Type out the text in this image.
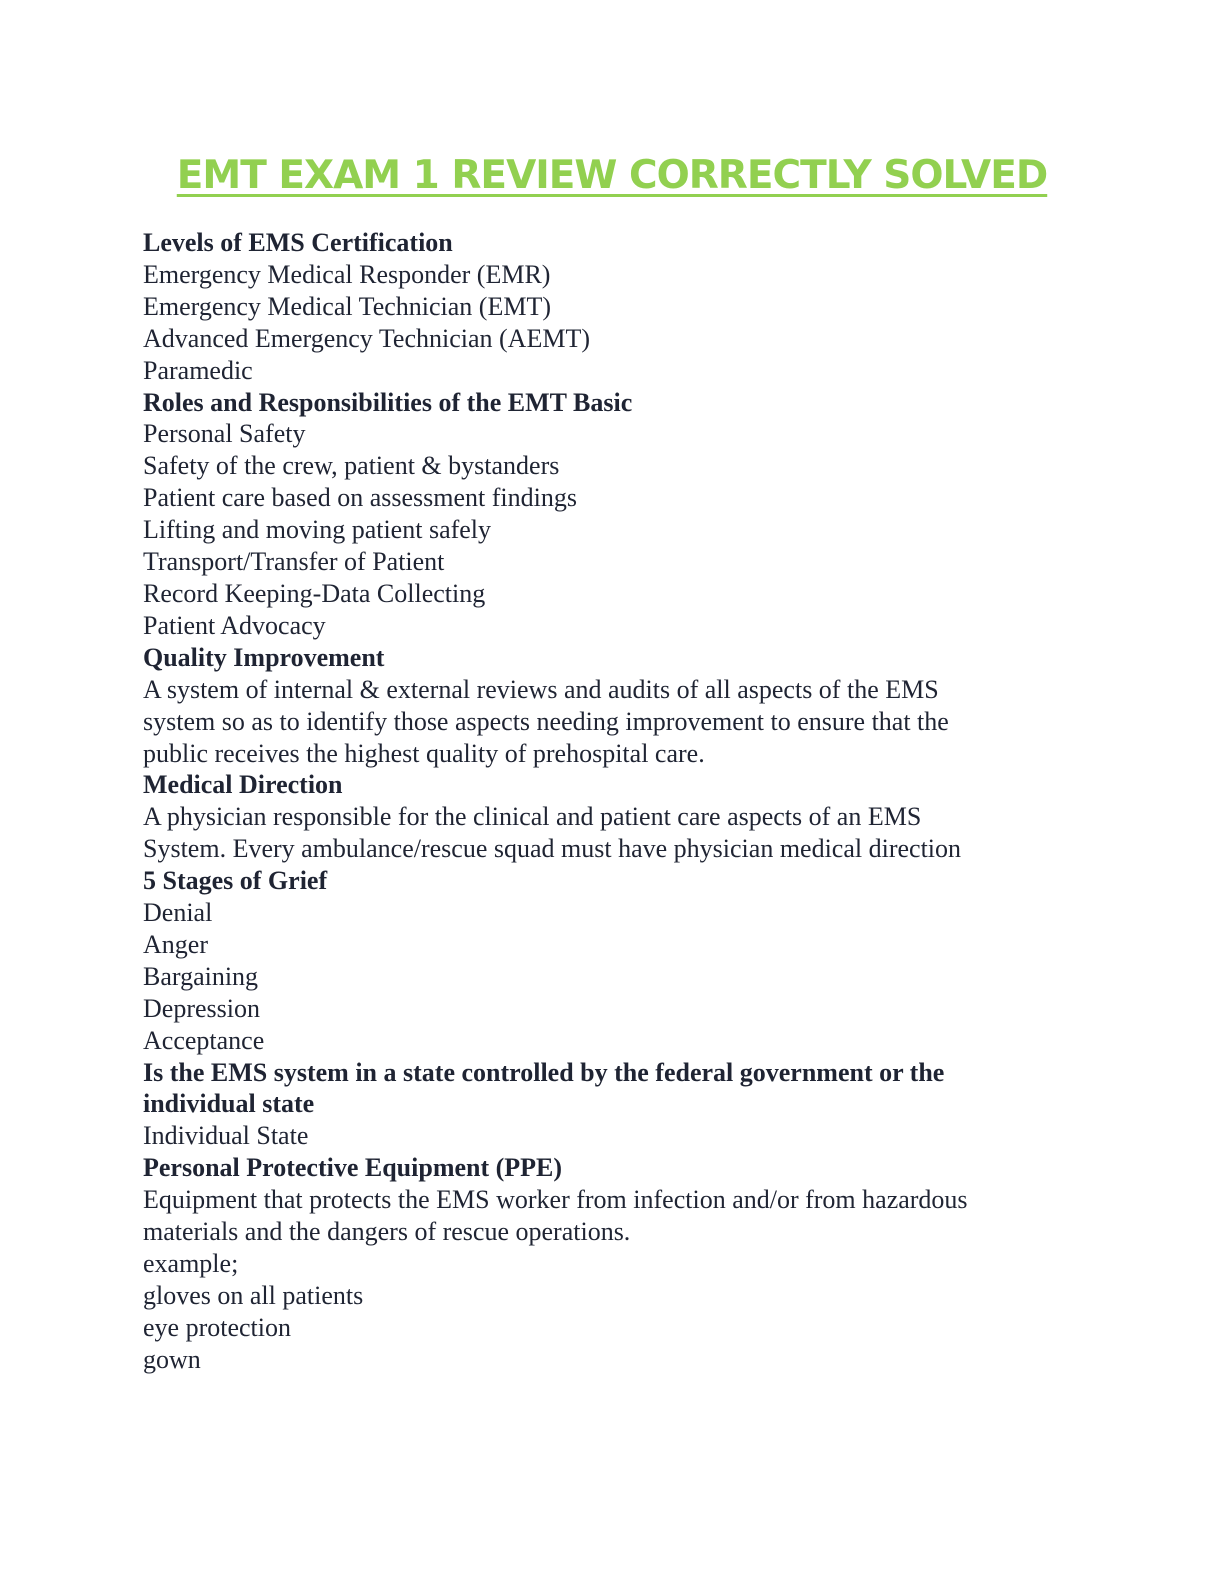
EMT EXAM 1 REVIEW CORRECTLY SOLVED
Levels of EMS Certification
Emergency Medical Responder (EMR)
Emergency Medical Technician (EMT)
Advanced Emergency Technician (AEMT)
Paramedic
Roles and Responsibilities of the EMT Basic
Personal Safety
Safety of the crew, patient & bystanders
Patient care based on assessment findings
Lifting and moving patient safely
Transport/Transfer of Patient
Record Keeping-Data Collecting
Patient Advocacy
Quality Improvement
A system of internal & external reviews and audits of all aspects of the EMS
system so as to identify those aspects needing improvement to ensure that the
public receives the highest quality of prehospital care.
Medical Direction
A physician responsible for the clinical and patient care aspects of an EMS
System. Every ambulance/rescue squad must have physician medical direction
5 Stages of Grief
Denial
Anger
Bargaining
Depression
Acceptance
Is the EMS system in a state controlled by the federal government or the
individual state
Individual State
Personal Protective Equipment (PPE)
Equipment that protects the EMS worker from infection and/or from hazardous
materials and the dangers of rescue operations.
example;
gloves on all patients
eye protection
gown
